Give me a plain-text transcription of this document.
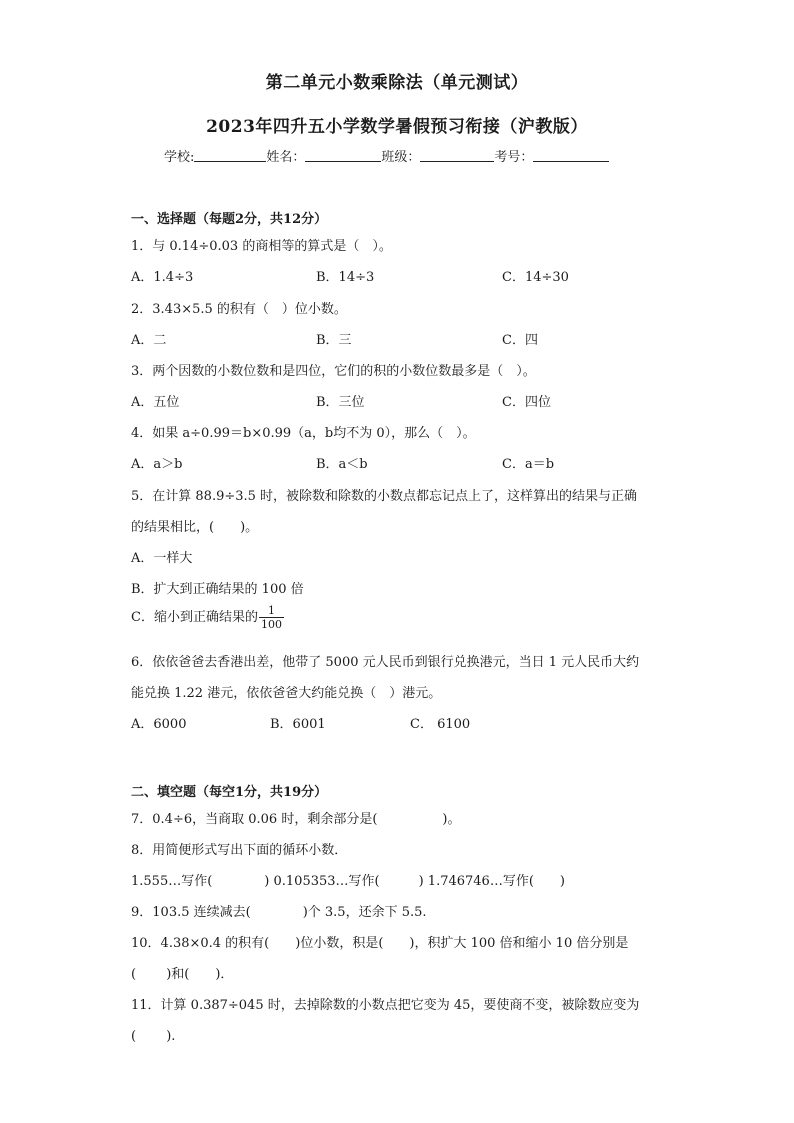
第二单元小数乘除法（单元测试）
2023年四升五小学数学暑假预习衔接（沪教版）
学校:	姓名：	班级：	考号：
一、选择题（每题2分，共12分）
1．与 0.14÷0.03 的商相等的算式是（　）。
A．1.4÷3	B．14÷3	C．14÷30
2．3.43×5.5 的积有（　）位小数。
A．二	B．三	C．四
3．两个因数的小数位数和是四位，它们的积的小数位数最多是（　）。
A．五位	B．三位	C．四位
4．如果 a÷0.99＝b×0.99（a，b均不为 0），那么（　）。
A．a＞b	B．a＜b	C．a＝b
5．在计算 88.9÷3.5 时，被除数和除数的小数点都忘记点上了，这样算出的结果与正确
的结果相比，(　　)。
A．一样大
B．扩大到正确结果的 100 倍
C．缩小到正确结果的 $\frac{1}{100}$
6．依依爸爸去香港出差，他带了 5000 元人民币到银行兑换港元，当日 1 元人民币大约
能兑换 1.22 港元，依依爸爸大约能兑换（　）港元。
A．6000	B．6001	C． 6100
二、填空题（每空1分，共19分）
7．0.4÷6，当商取 0.06 时，剩余部分是(　　　　　)。
8．用简便形式写出下面的循环小数．
1.555…写作(　　　　) 0.105353…写作(　　　) 1.746746…写作(　　)
9．103.5 连续减去(　　　　)个 3.5，还余下 5.5.
10．4.38×0.4 的积有(　　)位小数，积是(　　)，积扩大 100 倍和缩小 10 倍分别是
(　　 )和(　　)．
11．计算 0.387÷045 时，去掉除数的小数点把它变为 45，要使商不变，被除数应变为
(　　 ).
